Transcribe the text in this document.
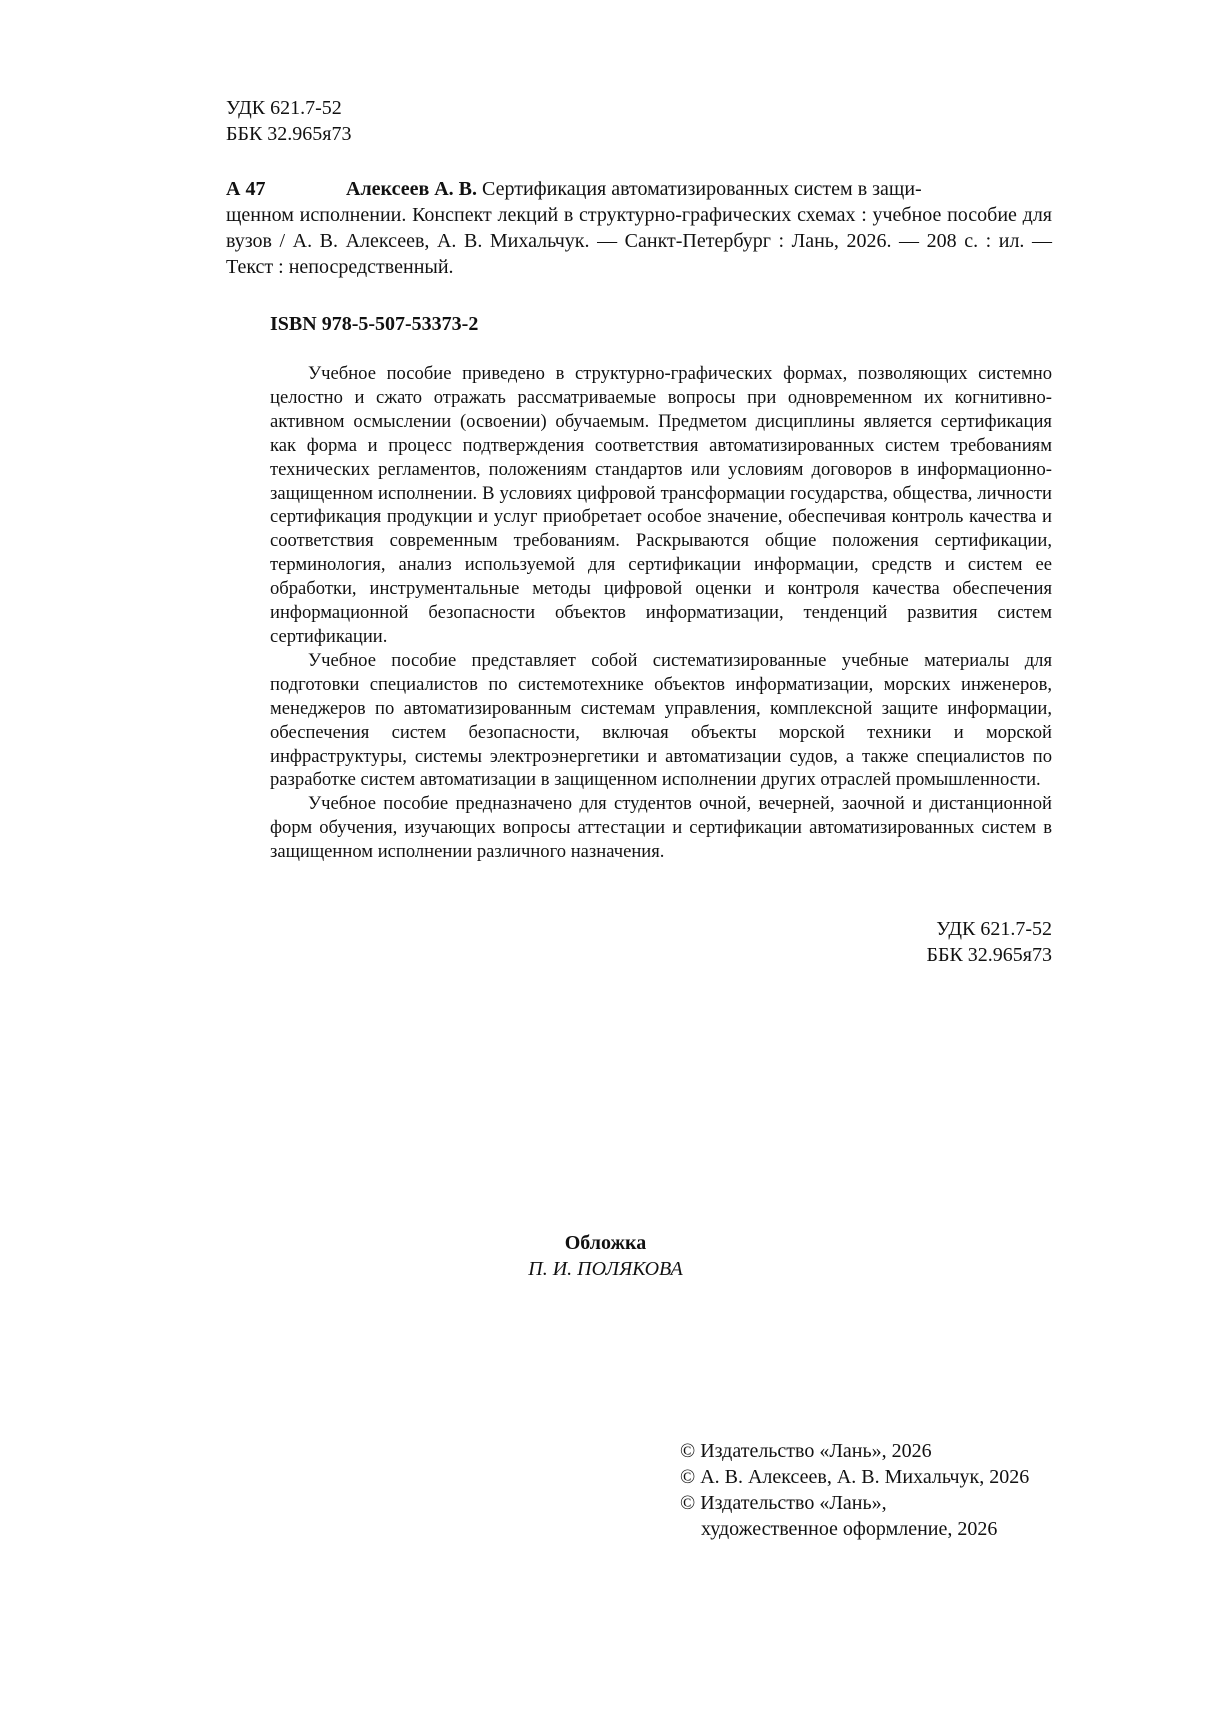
УДК 621.7-52
ББК 32.965я73
А 47	Алексеев А. В. Сертификация автоматизированных систем в защи-
щенном исполнении. Конспект лекций в структурно-графических схемах : учебное пособие для вузов / А. В. Алексеев, А. В. Михальчук. — Санкт-Петербург : Лань, 2026. — 208 с. : ил. — Текст : непосредственный.
ISBN 978-5-507-53373-2

Учебное пособие приведено в структурно-графических формах, позволяющих системно целостно и сжато отражать рассматриваемые вопросы при одновременном их когнитивно-активном осмыслении (освоении) обучаемым. Предметом дисциплины является сертификация как форма и процесс подтверждения соответствия автоматизированных систем требованиям технических регламентов, положениям стандартов или условиям договоров в информационно-защищенном исполнении. В условиях цифровой трансформации государства, общества, личности сертификация продукции и услуг приобретает особое значение, обеспечивая контроль качества и соответствия современным требованиям. Раскрываются общие положения сертификации, терминология, анализ используемой для сертификации информации, средств и систем ее обработки, инструментальные методы цифровой оценки и контроля качества обеспечения информационной безопасности объектов информатизации, тенденций развития систем сертификации.

Учебное пособие представляет собой систематизированные учебные материалы для подготовки специалистов по системотехнике объектов информатизации, морских инженеров, менеджеров по автоматизированным системам управления, комплексной защите информации, обеспечения систем безопасности, включая объекты морской техники и морской инфраструктуры, системы электроэнергетики и автоматизации судов, а также специалистов по разработке систем автоматизации в защищенном исполнении других отраслей промышленности.

Учебное пособие предназначено для студентов очной, вечерней, заочной и дистанционной форм обучения, изучающих вопросы аттестации и сертификации автоматизированных систем в защищенном исполнении различного назначения.

УДК 621.7-52
ББК 32.965я73
Обложка
П. И. ПОЛЯКОВА
© Издательство «Лань», 2026
© А. В. Алексеев, А. В. Михальчук, 2026
© Издательство «Лань»,
художественное оформление, 2026
